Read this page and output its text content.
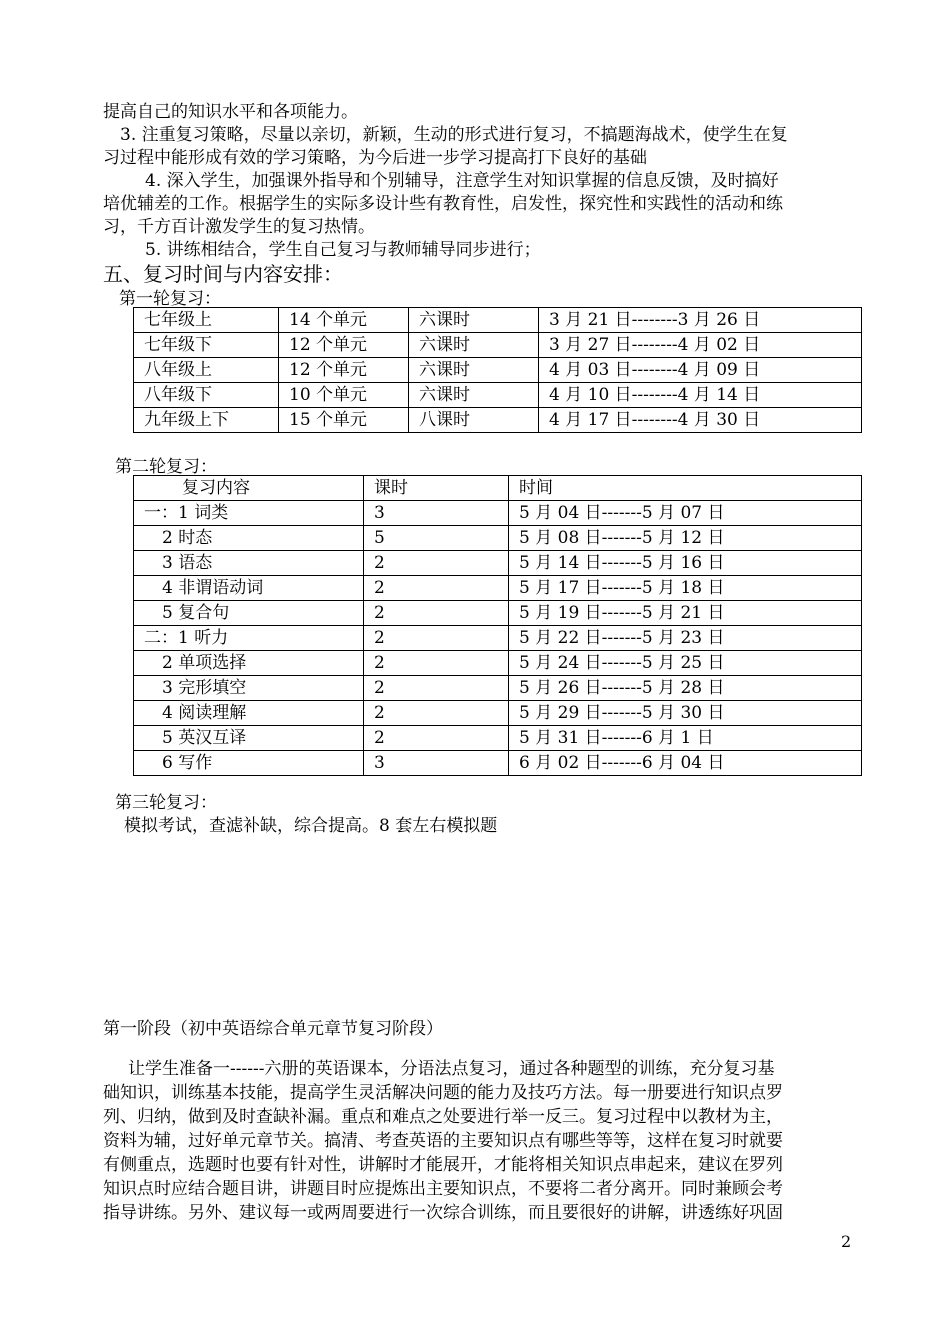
提高自己的知识水平和各项能力。
3. 注重复习策略，尽量以亲切，新颖，生动的形式进行复习，不搞题海战术，使学生在复
习过程中能形成有效的学习策略，为今后进一步学习提高打下良好的基础
4. 深入学生，加强课外指导和个别辅导，注意学生对知识掌握的信息反馈，及时搞好
培优辅差的工作。根据学生的实际多设计些有教育性，启发性，探究性和实践性的活动和练
习，千方百计激发学生的复习热情。
5. 讲练相结合，学生自己复习与教师辅导同步进行；
五、复习时间与内容安排：
第一轮复习：
七年级上	14 个单元	六课时	3 月 21 日--------3 月 26 日
七年级下	12 个单元	六课时	3 月 27 日--------4 月 02 日
八年级上	12 个单元	六课时	4 月 03 日--------4 月 09 日
八年级下	10 个单元	六课时	4 月 10 日--------4 月 14 日
九年级上下	15 个单元	八课时	4 月 17 日--------4 月 30 日
第二轮复习：
复习内容	课时	时间
一：1 词类	3	5 月 04 日-------5 月 07 日
2 时态	5	5 月 08 日-------5 月 12 日
3 语态	2	5 月 14 日-------5 月 16 日
4 非谓语动词	2	5 月 17 日-------5 月 18 日
5 复合句	2	5 月 19 日-------5 月 21 日
二：1 听力	2	5 月 22 日-------5 月 23 日
2 单项选择	2	5 月 24 日-------5 月 25 日
3 完形填空	2	5 月 26 日-------5 月 28 日
4 阅读理解	2	5 月 29 日-------5 月 30 日
5 英汉互译	2	5 月 31 日-------6 月 1 日
6 写作	3	6 月 02 日-------6 月 04 日
第三轮复习：
模拟考试，查滤补缺，综合提高。8 套左右模拟题
第一阶段（初中英语综合单元章节复习阶段）
让学生准备一------六册的英语课本，分语法点复习，通过各种题型的训练，充分复习基
础知识，训练基本技能，提高学生灵活解决问题的能力及技巧方法。每一册要进行知识点罗
列、归纳，做到及时查缺补漏。重点和难点之处要进行举一反三。复习过程中以教材为主，
资料为辅，过好单元章节关。搞清、考查英语的主要知识点有哪些等等，这样在复习时就要
有侧重点，选题时也要有针对性，讲解时才能展开，才能将相关知识点串起来，建议在罗列
知识点时应结合题目讲，讲题目时应提炼出主要知识点，不要将二者分离开。同时兼顾会考
指导讲练。另外、建议每一或两周要进行一次综合训练，而且要很好的讲解，讲透练好巩固
2
